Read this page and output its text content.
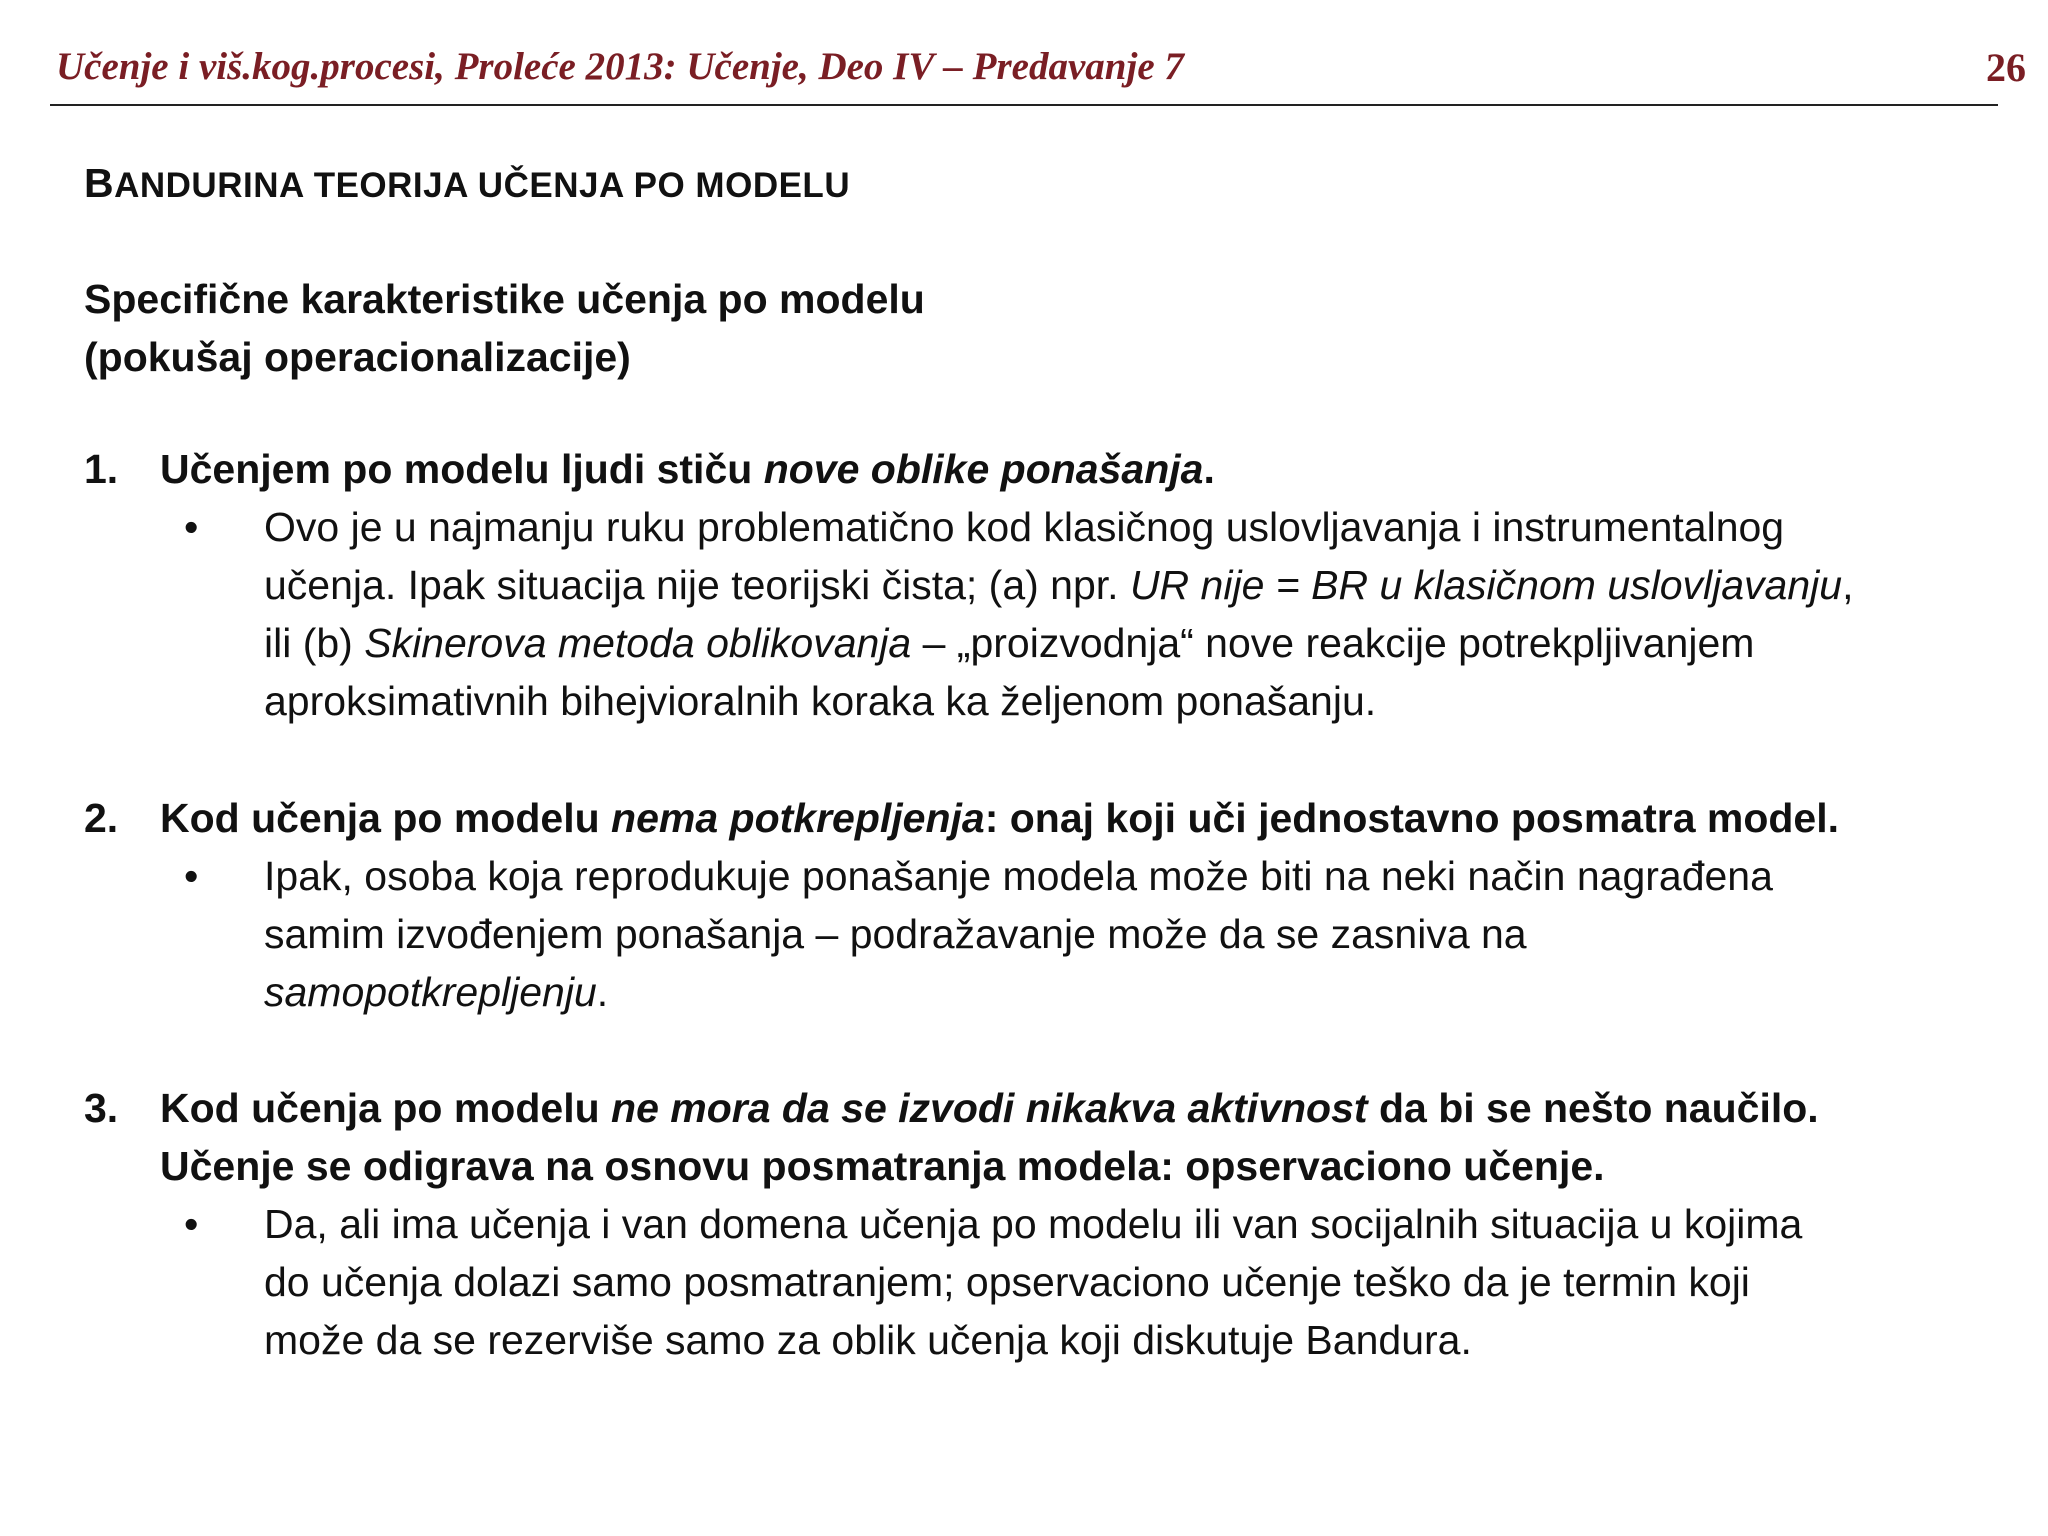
Učenje i viš.kog.procesi, Proleće 2013: Učenje, Deo IV – Predavanje 7	26
BANDURINA TEORIJA UČENJA PO MODELU
Specifične karakteristike učenja po modelu
(pokušaj operacionalizacije)
1. Učenjem po modelu ljudi stiču nove oblike ponašanja.
• Ovo je u najmanju ruku problematično kod klasičnog uslovljavanja i instrumentalnog
učenja. Ipak situacija nije teorijski čista; (a) npr. UR nije = BR u klasičnom uslovljavanju,
ili (b) Skinerova metoda oblikovanja – „proizvodnja“ nove reakcije potrekpljivanjem
aproksimativnih bihejvioralnih koraka ka željenom ponašanju.
2. Kod učenja po modelu nema potkrepljenja: onaj koji uči jednostavno posmatra model.
• Ipak, osoba koja reprodukuje ponašanje modela može biti na neki način nagrađena
samim izvođenjem ponašanja – podražavanje može da se zasniva na
samopotkrepljenju.
3. Kod učenja po modelu ne mora da se izvodi nikakva aktivnost da bi se nešto naučilo.
Učenje se odigrava na osnovu posmatranja modela: opservaciono učenje.
• Da, ali ima učenja i van domena učenja po modelu ili van socijalnih situacija u kojima
do učenja dolazi samo posmatranjem; opservaciono učenje teško da je termin koji
može da se rezerviše samo za oblik učenja koji diskutuje Bandura.
